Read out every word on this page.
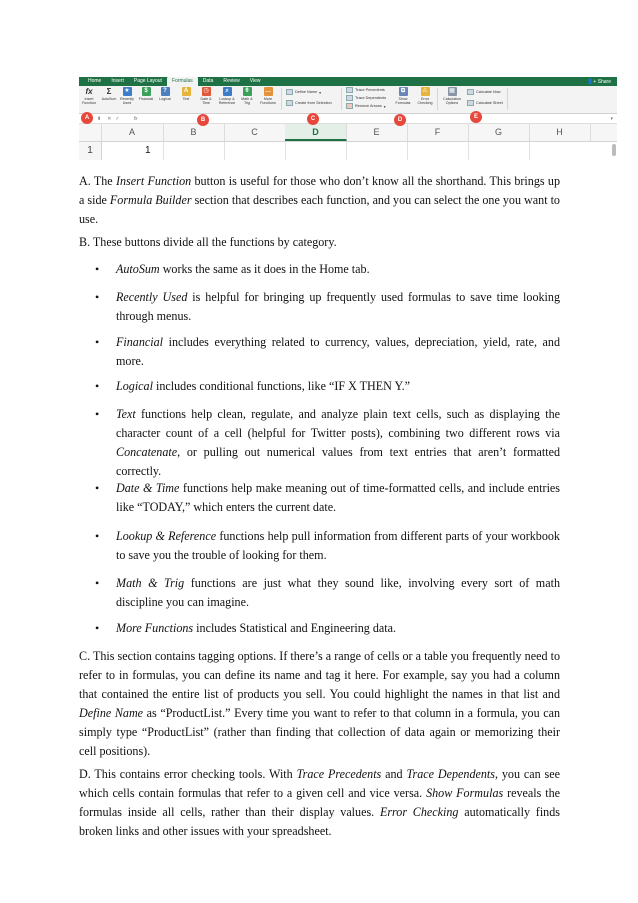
Home	Insert	Page Layout	Formulas	Data	Review	View	👤+ Share
fx
Insert
Function
Σ
AutoSum
★
Recently
Used
$
Financial
?
Logical
A
Text
◷
Date &
Time
⌕
Lookup &
Reference
θ
Math &
Trig
…
More
Functions
Define Name ▾
Create from Selection
Trace Precedents
Trace Dependents
Remove Arrows ▾
⧉
Show
Formulas
⚠
Error
Checking
▦
Calculation
Options
Calculate Now
Calculate Sheet
⬍ ✕ ✓	fx	▾
A	B	C	D	E	F	G	H
1	1
A	B	C	D	E

A. The Insert Function button is useful for those who don’t know all the shorthand. This brings up a side Formula Builder section that describes each function, and you can select the one you want to use.

B. These buttons divide all the functions by category.

• AutoSum works the same as it does in the Home tab.

• Recently Used is helpful for bringing up frequently used formulas to save time looking through menus.

• Financial includes everything related to currency, values, depreciation, yield, rate, and more.

• Logical includes conditional functions, like “IF X THEN Y.”

• Text functions help clean, regulate, and analyze plain text cells, such as displaying the character count of a cell (helpful for Twitter posts), combining two different rows via Concatenate, or pulling out numerical values from text entries that aren’t formatted correctly.

• Date & Time functions help make meaning out of time-formatted cells, and include entries like “TODAY,” which enters the current date.

• Lookup & Reference functions help pull information from different parts of your workbook to save you the trouble of looking for them.

• Math & Trig functions are just what they sound like, involving every sort of math discipline you can imagine.

• More Functions includes Statistical and Engineering data.

C. This section contains tagging options. If there’s a range of cells or a table you frequently need to refer to in formulas, you can define its name and tag it here. For example, say you had a column that contained the entire list of products you sell. You could highlight the names in that list and Define Name as “ProductList.” Every time you want to refer to that column in a formula, you can simply type “ProductList” (rather than finding that collection of data again or memorizing their cell positions).

D. This contains error checking tools. With Trace Precedents and Trace Dependents, you can see which cells contain formulas that refer to a given cell and vice versa. Show Formulas reveals the formulas inside all cells, rather than their display values. Error Checking automatically finds broken links and other issues with your spreadsheet.
